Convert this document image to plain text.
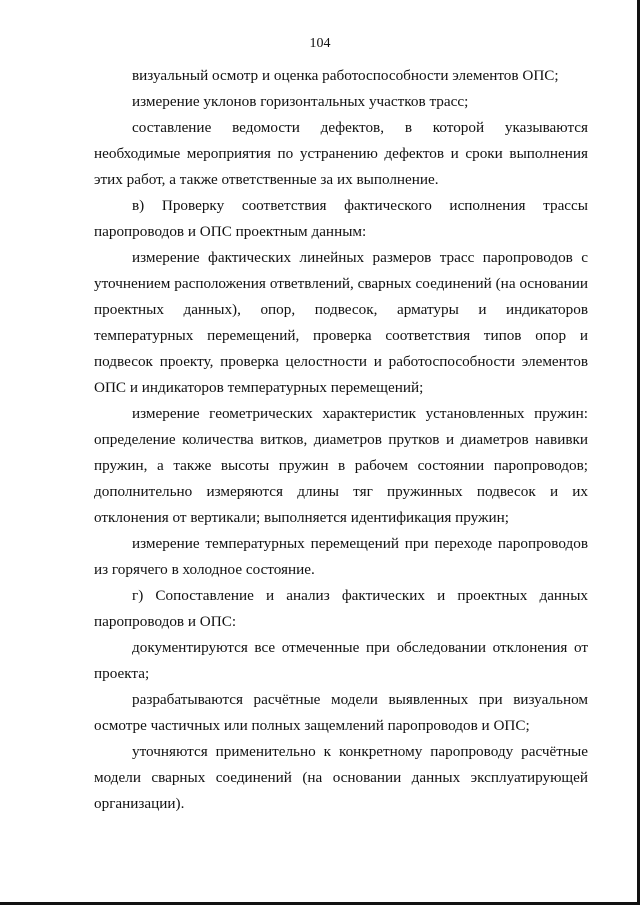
104

визуальный осмотр и оценка работоспособности элементов ОПС;

измерение уклонов горизонтальных участков трасс;

составление ведомости дефектов, в которой указываются необходимые мероприятия по устранению дефектов и сроки выполнения этих работ, а также ответственные за их выполнение.

в) Проверку соответствия фактического исполнения трассы паропроводов и ОПС проектным данным:

измерение фактических линейных размеров трасс паропроводов с уточнением расположения ответвлений, сварных соединений (на основании проектных данных), опор, подвесок, арматуры и индикаторов температурных перемещений, проверка соответствия типов опор и подвесок проекту, проверка целостности и работоспособности элементов ОПС и индикаторов температурных перемещений;

измерение геометрических характеристик установленных пружин: определение количества витков, диаметров прутков и диаметров навивки пружин, а также высоты пружин в рабочем состоянии паропроводов; дополнительно измеряются длины тяг пружинных подвесок и их отклонения от вертикали; выполняется идентификация пружин;

измерение температурных перемещений при переходе паропроводов из горячего в холодное состояние.

г) Сопоставление и анализ фактических и проектных данных паропроводов и ОПС:

документируются все отмеченные при обследовании отклонения от проекта;

разрабатываются расчётные модели выявленных при визуальном осмотре частичных или полных защемлений паропроводов и ОПС;

уточняются применительно к конкретному паропроводу расчётные модели сварных соединений (на основании данных эксплуатирующей организации).
